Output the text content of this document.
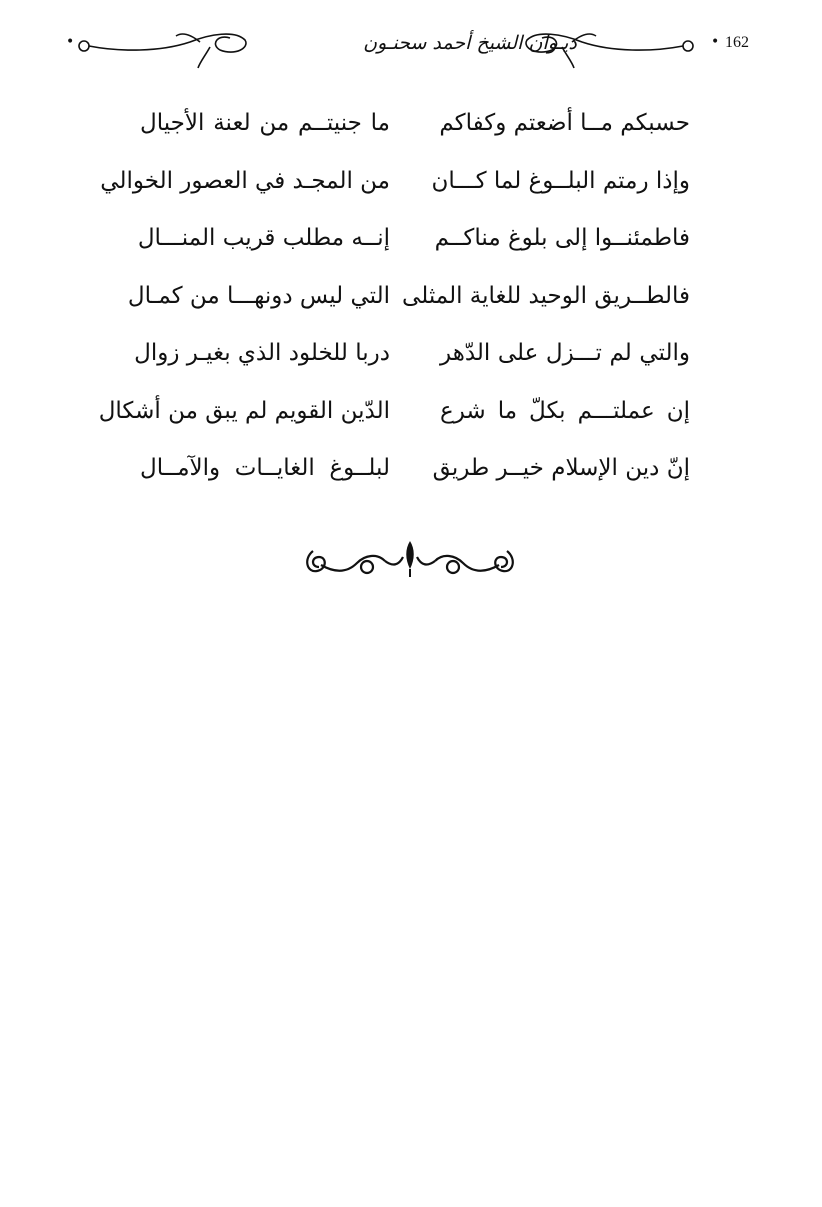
•	ديـوان الشيخ أحمد سحنـون	• 162
حسبكم مــا أضعتم وكفاكم
ما جنيتــم من لعنة الأجيال
وإذا رمتم البلــوغ لما كـــان
من المجـد في العصور الخوالي
فاطمئنــوا إلى بلوغ مناكــم
إنــه مطلب قريب المنـــال
فالطــريق الوحيد للغاية المثلى
التي ليس دونهـــا من كمـال
والتي لم تـــزل على الدّهر
دربا للخلود الذي بغيـر زوال
إن عملتـــم بكلّ ما شرع
الدّين القويم لم يبق من أشكال
إنّ دين الإسلام خيــر طريق
لبلــوغ الغايــات والآمــال
